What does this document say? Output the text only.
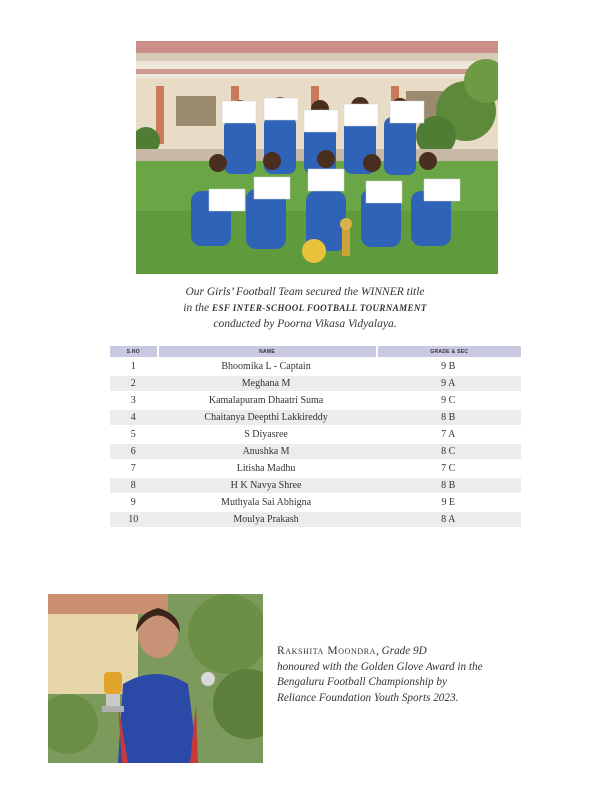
Our Girls’ Football Team secured the WINNER title
in the ESF INTER-SCHOOL FOOTBALL TOURNAMENT
conducted by Poorna Vikasa Vidyalaya.
S.NO	NAME	GRADE & SEC
1	Bhoomika L - Captain	9 B
2	Meghana M	9 A
3	Kamalapuram Dhaatri Suma	9 C
4	Chaitanya Deepthi Lakkireddy	8 B
5	S Diyasree	7 A
6	Anushka M	8 C
7	Litisha Madhu	7 C
8	H K Navya Shree	8 B
9	Muthyala Sai Abhigna	9 E
10	Moulya Prakash	8 A
Rakshita Moondra, Grade 9D
honoured with the Golden Glove Award in the
Bengaluru Football Championship by
Reliance Foundation Youth Sports 2023.
